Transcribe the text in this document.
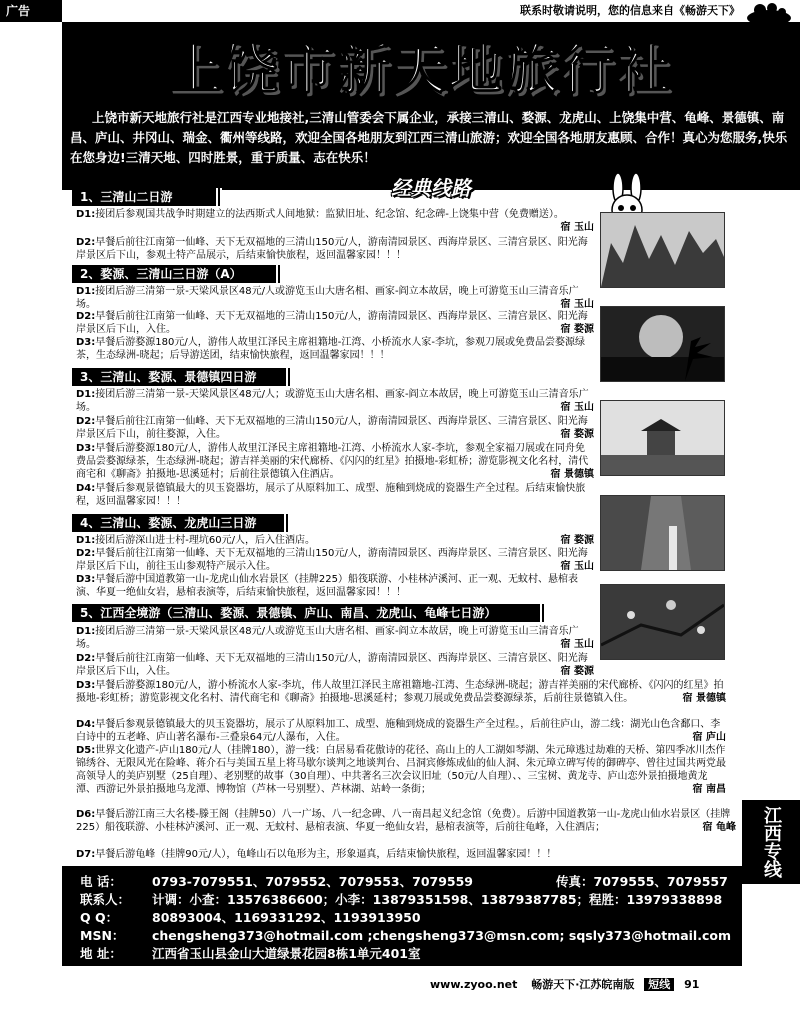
广告	联系时敬请说明，您的信息来自《畅游天下》
上饶市新天地旅行社
上饶市新天地旅行社是江西专业地接社,三清山管委会下属企业，承接三清山、婺源、龙虎山、上饶集中营、龟峰、景德镇、南昌、庐山、井冈山、瑞金、衢州等线路，欢迎全国各地朋友到江西三清山旅游；欢迎全国各地朋友惠顾、合作！真心为您服务,快乐在您身边!三清天地、四时胜景，重于质量、志在快乐！
经典线路
1、三清山二日游
D1:接团后参观国共战争时期建立的法西斯式人间地狱：监狱旧址、纪念馆、纪念碑-上饶集中营（免费赠送）。
宿 玉山
D2:早餐后前往江南第一仙峰、天下无双福地的三清山150元/人，游南清园景区、西海岸景区、三清宫景区、阳光海岸景区后下山，参观土特产品展示，后结束愉快旅程，返回温馨家园！！！
2、婺源、三清山三日游（A）
D1:接团后游三清第一景-天梁风景区48元/人或游览玉山大唐名相、画家-阎立本故居，晚上可游览玉山三清音乐广场。	宿 玉山
D2:早餐后前往江南第一仙峰、天下无双福地的三清山150元/人，游南清园景区、西海岸景区、三清宫景区、阳光海岸景区后下山，入住。	宿 婺源
D3:早餐后游婺源180元/人，游伟人故里江泽民主席祖籍地-江湾、小桥流水人家-李坑，参观刀展或免费品尝婺源绿茶，生态绿洲-晓起；后导游送团，结束愉快旅程，返回温馨家园！！！
3、三清山、婺源、景德镇四日游
D1:接团后游三清第一景-天梁风景区48元/人；或游览玉山大唐名相、画家-阎立本故居，晚上可游览玉山三清音乐广场。	宿 玉山
D2:早餐后前往江南第一仙峰、天下无双福地的三清山150元/人，游南清园景区、西海岸景区、三清宫景区、阳光海岸景区后下山，前往婺源，入住。	宿 婺源
D3:早餐后游婺源180元/人，游伟人故里江泽民主席祖籍地-江湾、小桥流水人家-李坑，参观全家福刀展或在同舟免费品尝婺源绿茶，生态绿洲-晓起；游吉祥美丽的宋代廊桥、《闪闪的红星》拍摄地-彩虹桥；游览影视文化名村，清代商宅和《聊斋》拍摄地-思溪延村；后前往景德镇入住酒店。	宿 景德镇
D4:早餐后参观景德镇最大的贝玉瓷器坊，展示了从原料加工、成型、施釉到烧成的瓷器生产全过程。后结束愉快旅程，返回温馨家园！！！
4、三清山、婺源、龙虎山三日游
D1:接团后游深山进士村-理坑60元/人，后入住酒店。	宿 婺源
D2:早餐后前往江南第一仙峰、天下无双福地的三清山150元/人，游南清园景区、西海岸景区、三清宫景区、阳光海岸景区后下山，前往玉山参观特产展示入住。	宿 玉山
D3:早餐后游中国道教第一山-龙虎山仙水岩景区（挂牌225）船筏联游、小桂林泸溪河、正一观、无蚊村、悬棺表演、华夏一绝仙女岩，悬棺表演等，后结束愉快旅程，返回温馨家园！！！
5、江西全境游（三清山、婺源、景德镇、庐山、南昌、龙虎山、龟峰七日游）
D1:接团后游三清第一景-天梁风景区48元/人或游览玉山大唐名相、画家-阎立本故居，晚上可游览玉山三清音乐广场。	宿 玉山
D2:早餐后前往江南第一仙峰、天下无双福地的三清山150元/人，游南清园景区、西海岸景区、三清宫景区、阳光海岸景区后下山，入住。	宿 婺源
D3:早餐后游婺源180元/人，游小桥流水人家-李坑，伟人故里江泽民主席祖籍地-江湾、生态绿洲-晓起；游吉祥美丽的宋代廊桥、《闪闪的红星》拍摄地-彩虹桥；游览影视文化名村、清代商宅和《聊斋》拍摄地-思溪延村；参观刀展或免费品尝婺源绿茶，后前往景德镇入住。	宿 景德镇
D4:早餐后参观景德镇最大的贝玉瓷器坊，展示了从原料加工、成型、施釉到烧成的瓷器生产全过程。，后前往庐山，游二线：湖光山色含鄱口、李白诗中的五老峰、庐山著名瀑布-三叠泉64元/人瀑布，入住。	宿 庐山
D5:世界文化遗产-庐山180元/人（挂牌180），游一线：白居易看花傲诗的花径、高山上的人工湖如琴湖、朱元璋逃过劫难的天桥、第四季冰川杰作锦绣谷、无限风光在险峰、蒋介石与美国五星上将马歇尔谈判之地谈判台、吕洞宾修炼成仙的仙人洞、朱元璋立碑写传的御碑亭、曾往过国共两党最高领导人的美庐别墅（25自理）、老别墅的故事（30自理）、中共著名三次会议旧址（50元/人自理）、、三宝树、黄龙寺、庐山恋外景拍摄地黄龙潭、西游记外景拍摄地乌龙潭、博物馆（芦林一号别墅）、芦林湖、站岭一条街；	宿 南昌
D6:早餐后游江南三大名楼-滕王阁（挂牌50）八一广场、八一纪念碑、八一南昌起义纪念馆（免费）。后游中国道教第一山-龙虎山仙水岩景区（挂牌225）船筏联游、小桂林泸溪河、正一观、无蚊村、悬棺表演、华夏一绝仙女岩，悬棺表演等，后前往龟峰，入住酒店；	宿 龟峰
D7:早餐后游龟峰（挂牌90元/人），龟峰山石以龟形为主，形象逼真，后结束愉快旅程，返回温馨家园！！！	江西专线
电 话： 0793-7079551、7079552、7079553、7079559	传真：7079555、7079557
联系人： 计调：小查：13576386600；小李：13879351598、13879387785；程胜：13979338898
Q Q：	80893004、1169331292、1193913950
MSN： chengsheng373@hotmail.com ;chengsheng373@msn.com; sqsly373@hotmail.com
地 址： 江西省玉山县金山大道绿景花园8栋1单元401室
www.zyoo.net 畅游天下·江苏皖南版 短线 91
